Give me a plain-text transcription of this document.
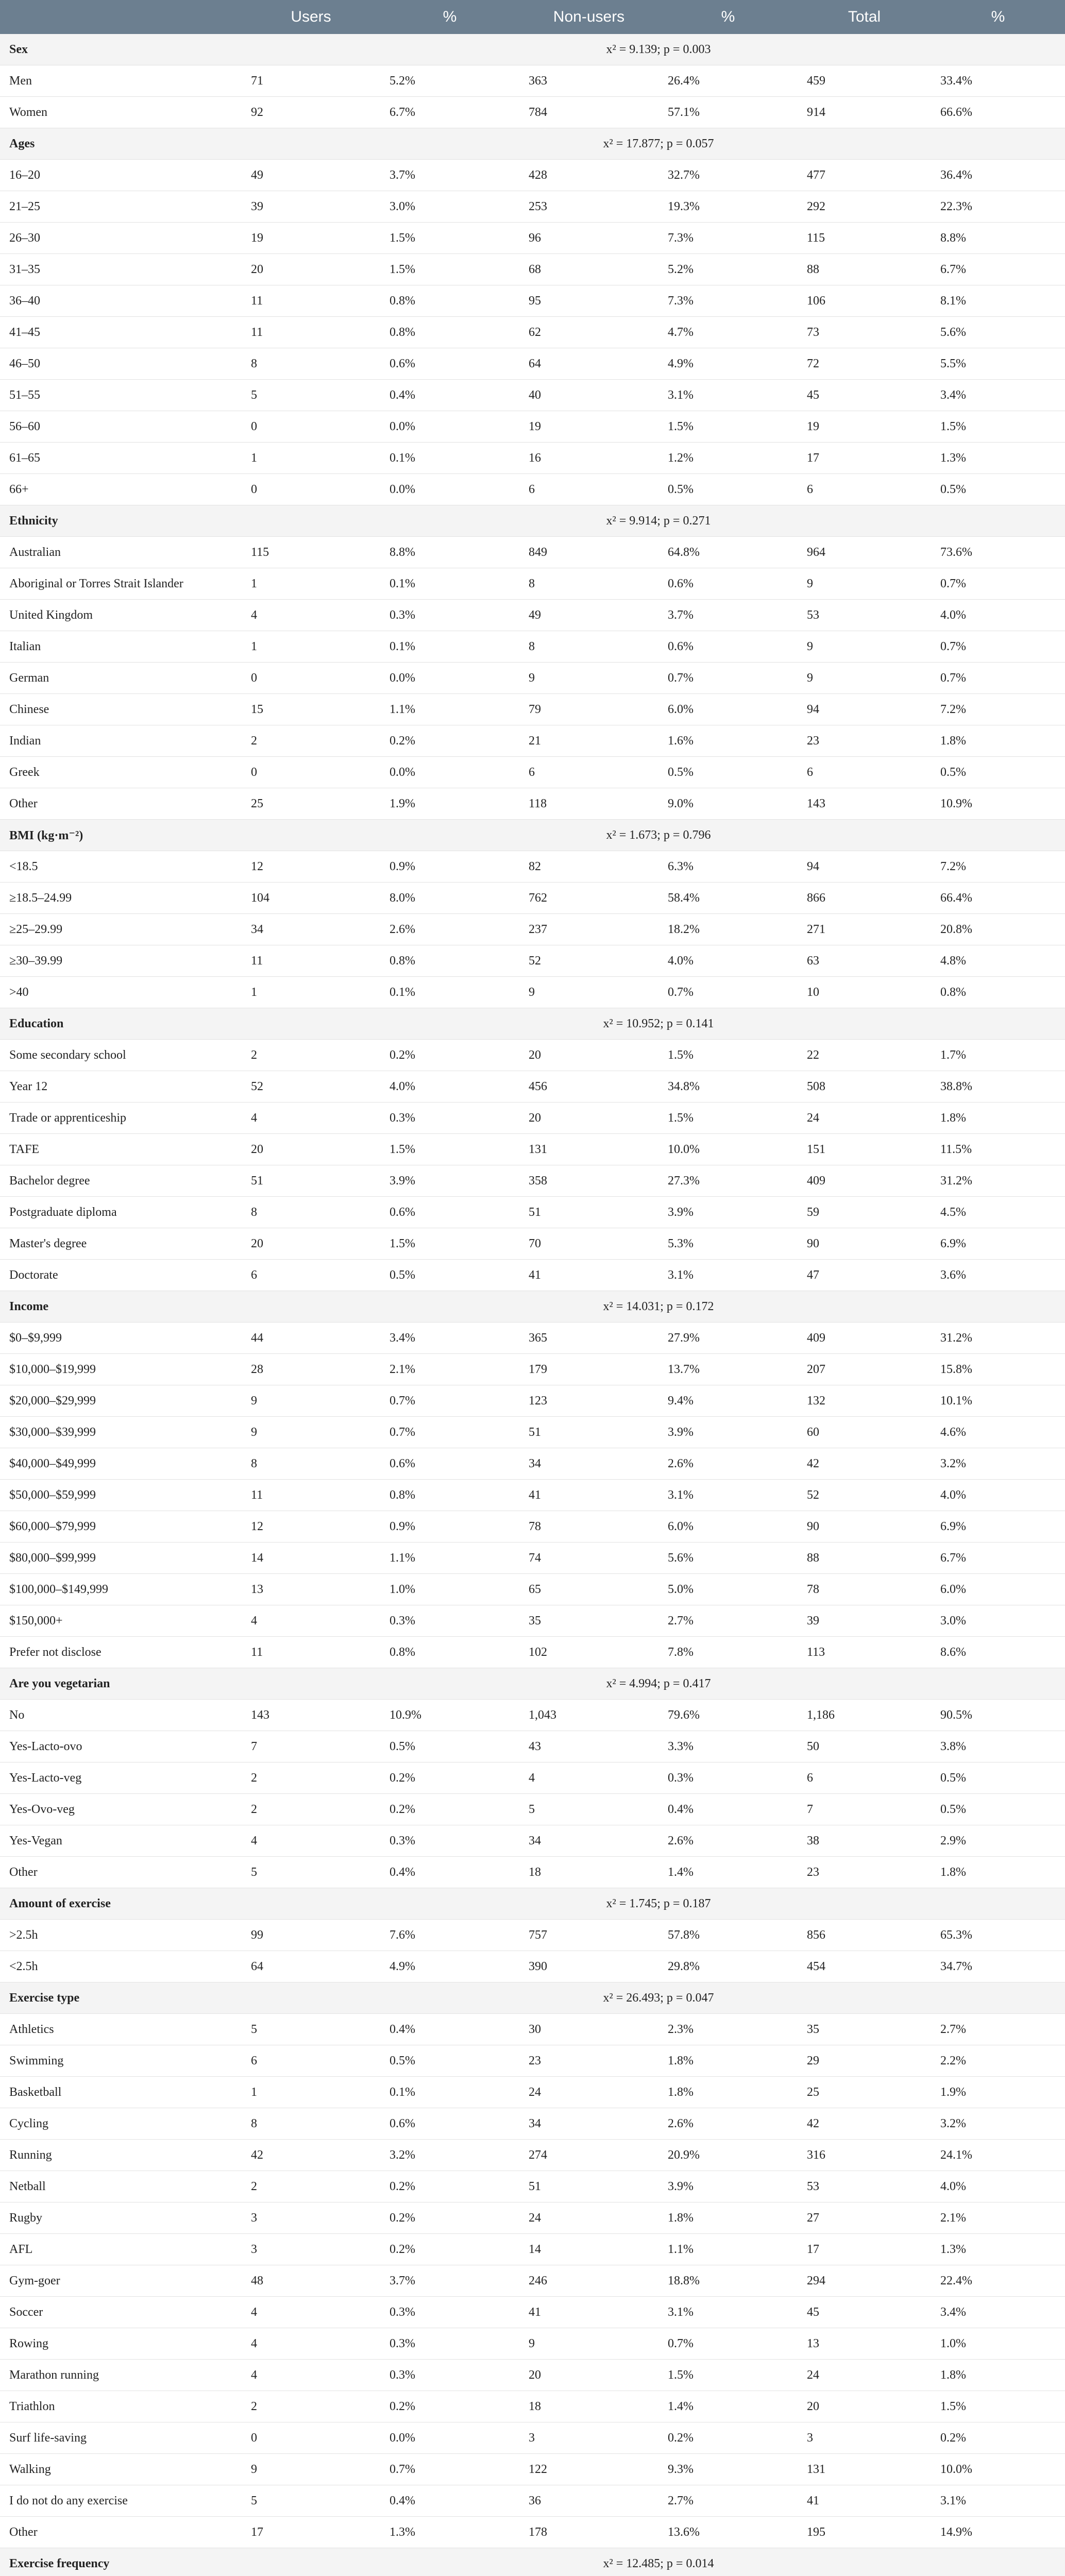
	Users	%	Non-users	%	Total	%
Sex			x² = 9.139; p = 0.003			
Men	71	5.2%	363	26.4%	459	33.4%
Women	92	6.7%	784	57.1%	914	66.6%
Ages			x² = 17.877; p = 0.057			
16–20	49	3.7%	428	32.7%	477	36.4%
21–25	39	3.0%	253	19.3%	292	22.3%
26–30	19	1.5%	96	7.3%	115	8.8%
31–35	20	1.5%	68	5.2%	88	6.7%
36–40	11	0.8%	95	7.3%	106	8.1%
41–45	11	0.8%	62	4.7%	73	5.6%
46–50	8	0.6%	64	4.9%	72	5.5%
51–55	5	0.4%	40	3.1%	45	3.4%
56–60	0	0.0%	19	1.5%	19	1.5%
61–65	1	0.1%	16	1.2%	17	1.3%
66+	0	0.0%	6	0.5%	6	0.5%
Ethnicity			x² = 9.914; p = 0.271			
Australian	115	8.8%	849	64.8%	964	73.6%
Aboriginal or Torres Strait Islander	1	0.1%	8	0.6%	9	0.7%
United Kingdom	4	0.3%	49	3.7%	53	4.0%
Italian	1	0.1%	8	0.6%	9	0.7%
German	0	0.0%	9	0.7%	9	0.7%
Chinese	15	1.1%	79	6.0%	94	7.2%
Indian	2	0.2%	21	1.6%	23	1.8%
Greek	0	0.0%	6	0.5%	6	0.5%
Other	25	1.9%	118	9.0%	143	10.9%
BMI (kg·m⁻²)			x² = 1.673; p = 0.796			
<18.5	12	0.9%	82	6.3%	94	7.2%
≥18.5–24.99	104	8.0%	762	58.4%	866	66.4%
≥25–29.99	34	2.6%	237	18.2%	271	20.8%
≥30–39.99	11	0.8%	52	4.0%	63	4.8%
>40	1	0.1%	9	0.7%	10	0.8%
Education			x² = 10.952; p = 0.141			
Some secondary school	2	0.2%	20	1.5%	22	1.7%
Year 12	52	4.0%	456	34.8%	508	38.8%
Trade or apprenticeship	4	0.3%	20	1.5%	24	1.8%
TAFE	20	1.5%	131	10.0%	151	11.5%
Bachelor degree	51	3.9%	358	27.3%	409	31.2%
Postgraduate diploma	8	0.6%	51	3.9%	59	4.5%
Master's degree	20	1.5%	70	5.3%	90	6.9%
Doctorate	6	0.5%	41	3.1%	47	3.6%
Income			x² = 14.031; p = 0.172			
$0–$9,999	44	3.4%	365	27.9%	409	31.2%
$10,000–$19,999	28	2.1%	179	13.7%	207	15.8%
$20,000–$29,999	9	0.7%	123	9.4%	132	10.1%
$30,000–$39,999	9	0.7%	51	3.9%	60	4.6%
$40,000–$49,999	8	0.6%	34	2.6%	42	3.2%
$50,000–$59,999	11	0.8%	41	3.1%	52	4.0%
$60,000–$79,999	12	0.9%	78	6.0%	90	6.9%
$80,000–$99,999	14	1.1%	74	5.6%	88	6.7%
$100,000–$149,999	13	1.0%	65	5.0%	78	6.0%
$150,000+	4	0.3%	35	2.7%	39	3.0%
Prefer not disclose	11	0.8%	102	7.8%	113	8.6%
Are you vegetarian			x² = 4.994; p = 0.417			
No	143	10.9%	1,043	79.6%	1,186	90.5%
Yes-Lacto-ovo	7	0.5%	43	3.3%	50	3.8%
Yes-Lacto-veg	2	0.2%	4	0.3%	6	0.5%
Yes-Ovo-veg	2	0.2%	5	0.4%	7	0.5%
Yes-Vegan	4	0.3%	34	2.6%	38	2.9%
Other	5	0.4%	18	1.4%	23	1.8%
Amount of exercise			x² = 1.745; p = 0.187			
>2.5h	99	7.6%	757	57.8%	856	65.3%
<2.5h	64	4.9%	390	29.8%	454	34.7%
Exercise type			x² = 26.493; p = 0.047			
Athletics	5	0.4%	30	2.3%	35	2.7%
Swimming	6	0.5%	23	1.8%	29	2.2%
Basketball	1	0.1%	24	1.8%	25	1.9%
Cycling	8	0.6%	34	2.6%	42	3.2%
Running	42	3.2%	274	20.9%	316	24.1%
Netball	2	0.2%	51	3.9%	53	4.0%
Rugby	3	0.2%	24	1.8%	27	2.1%
AFL	3	0.2%	14	1.1%	17	1.3%
Gym-goer	48	3.7%	246	18.8%	294	22.4%
Soccer	4	0.3%	41	3.1%	45	3.4%
Rowing	4	0.3%	9	0.7%	13	1.0%
Marathon running	4	0.3%	20	1.5%	24	1.8%
Triathlon	2	0.2%	18	1.4%	20	1.5%
Surf life-saving	0	0.0%	3	0.2%	3	0.2%
Walking	9	0.7%	122	9.3%	131	10.0%
I do not do any exercise	5	0.4%	36	2.7%	41	3.1%
Other	17	1.3%	178	13.6%	195	14.9%
Exercise frequency			x² = 12.485; p = 0.014			
